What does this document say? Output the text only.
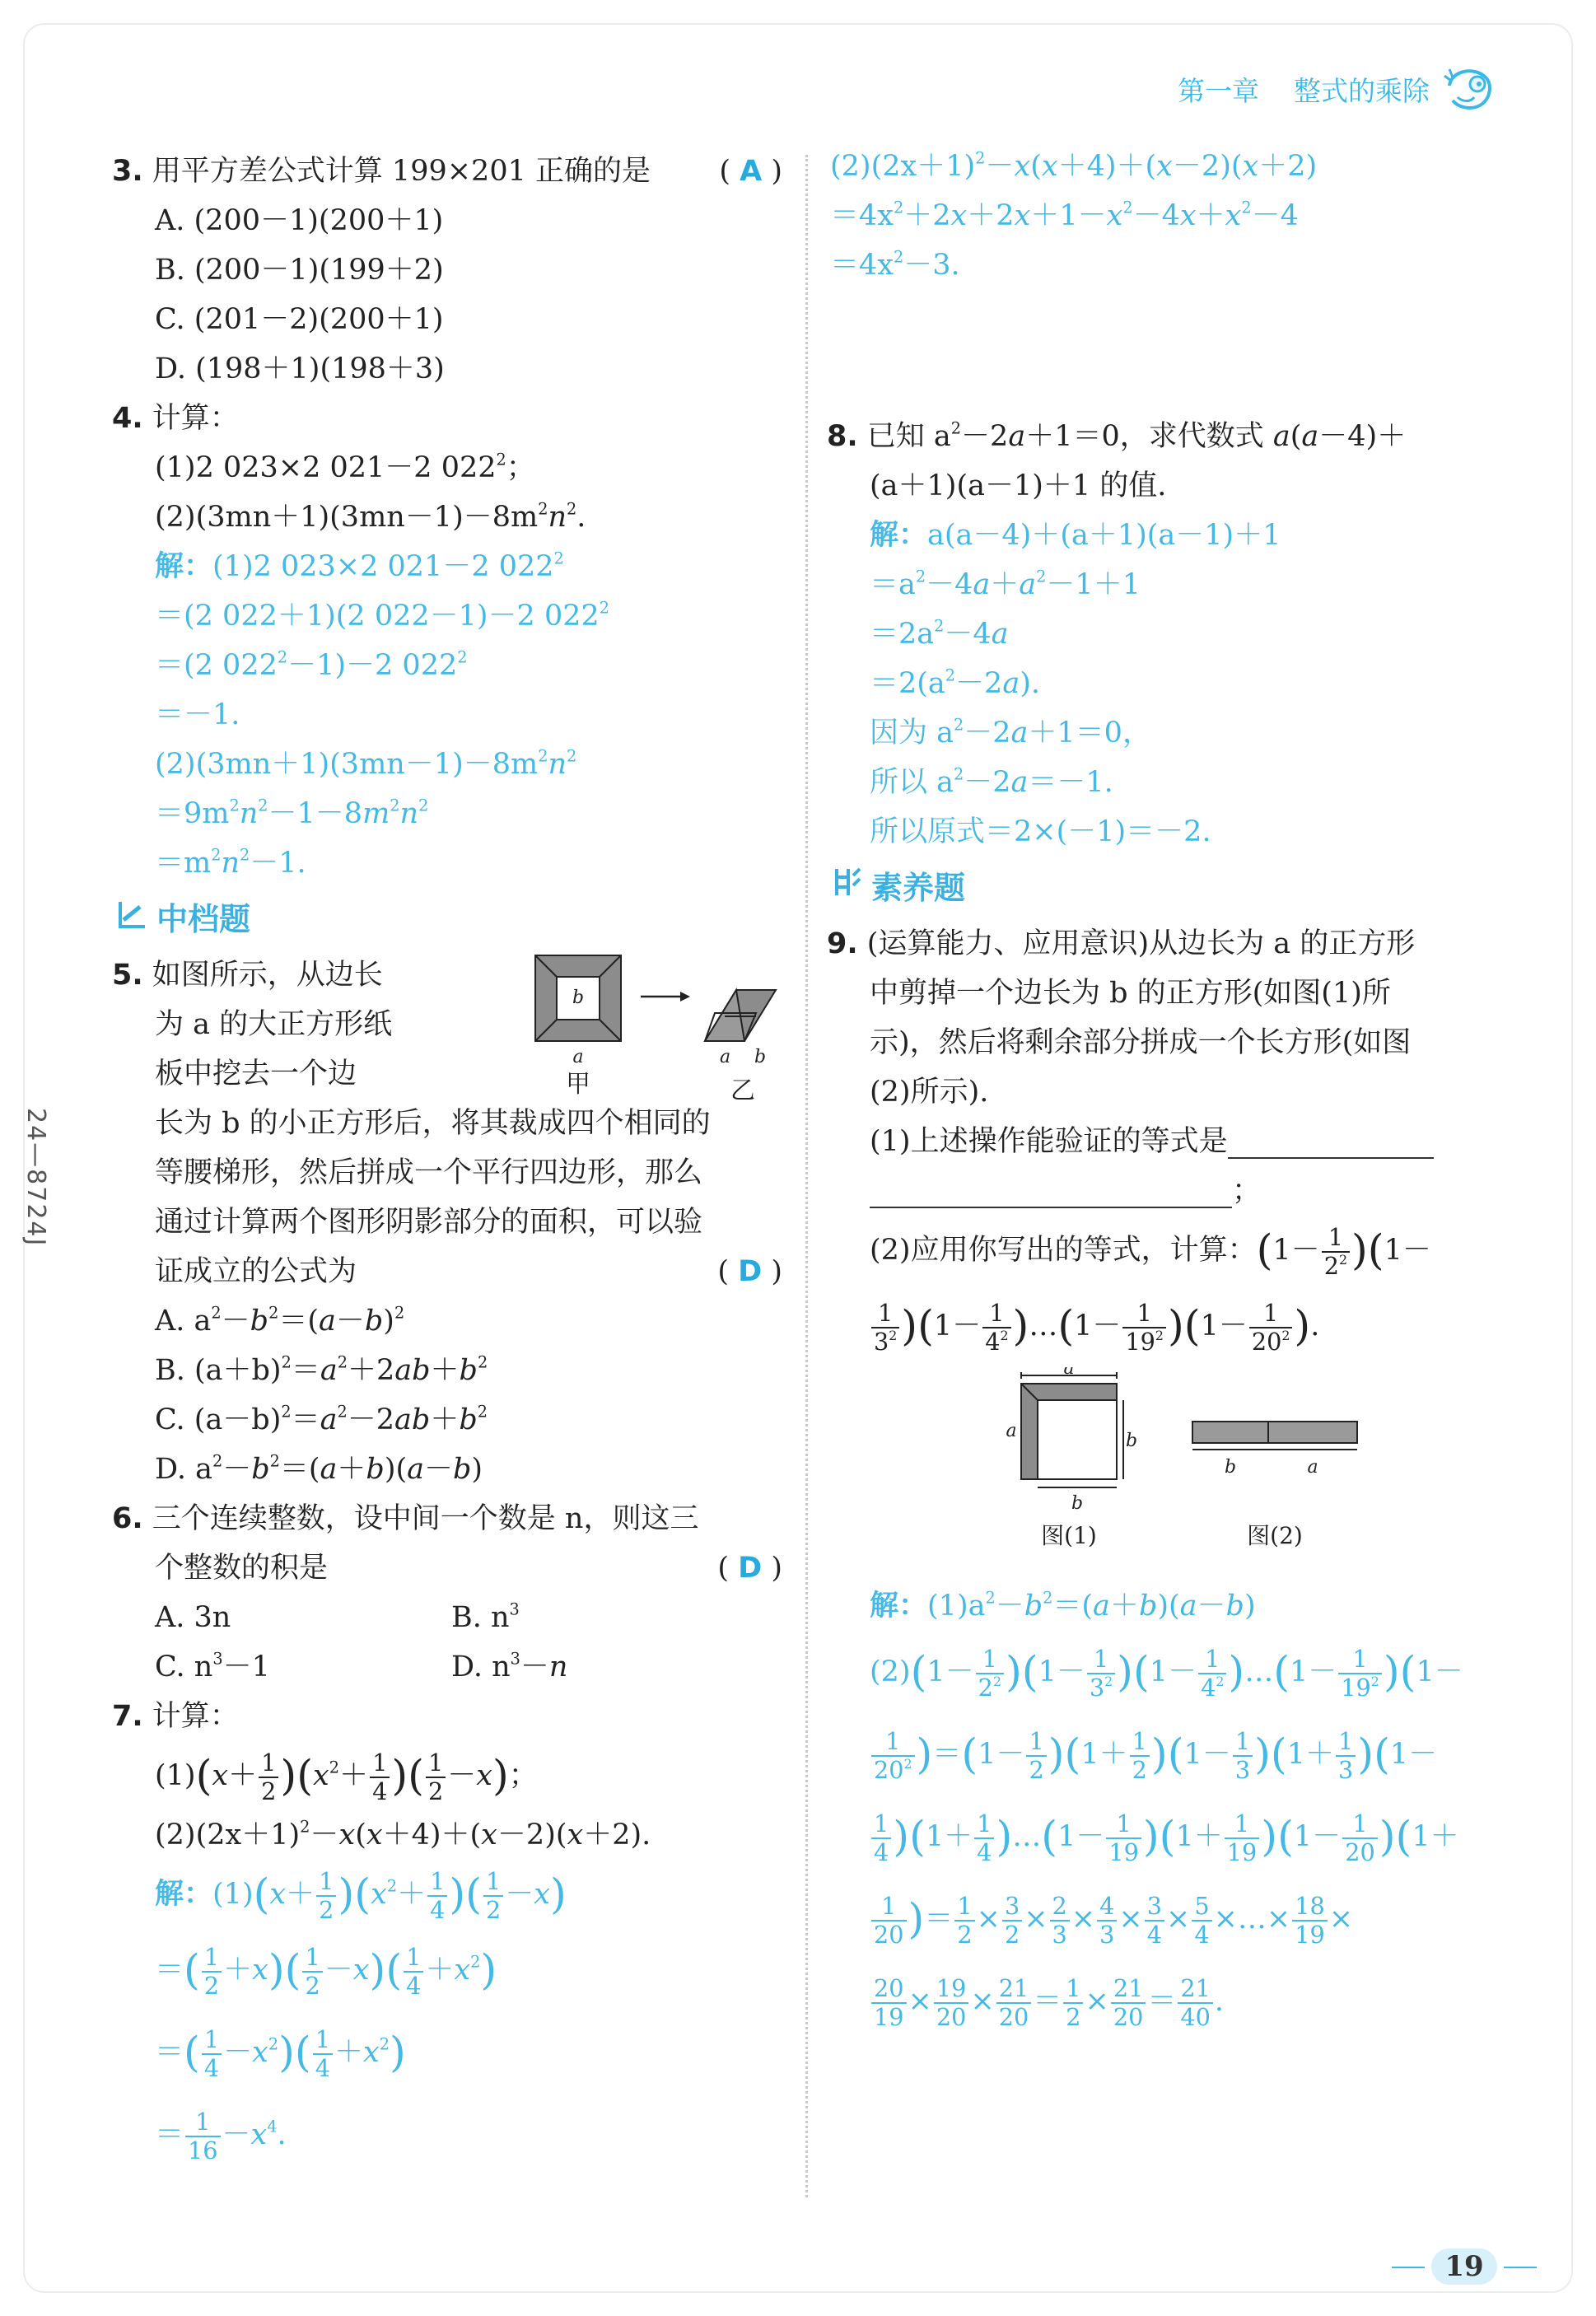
第一章 整式的乘除
24—8724J
3. 用平方差公式计算 199×201 正确的是 ( A )
A. (200－1)(200＋1)
B. (200－1)(199＋2)
C. (201－2)(200＋1)
D. (198＋1)(198＋3)
4. 计算：
(1)2 023×2 021－2 $022^2$；
$(2)(3mn+1)(3mn-1)-8m^2n^2$.
解：(1)2 023×2 021－2 $022^2$
＝(2 022＋1)(2 022－1)－2 $022^2$
＝(2 $022^2-1)-2$ $022^2$
＝－1.
$(2)(3mn+1)(3mn-1)-8m^2n^2$
$=9m^2n^2-1-8m^2n^2$
$=m^2n^2-1$.
中档题
5. 如图所示，从边长
为 a 的大正方形纸
板中挖去一个边
b
a
甲
a b
乙
长为 b 的小正方形后，将其裁成四个相同的
等腰梯形，然后拼成一个平行四边形，那么
通过计算两个图形阴影部分的面积，可以验
证成立的公式为	( D )
A. $a^2-b^2=(a-b)^2$
B. $(a+b)^2=a^2+2ab+b^2$
C. $(a-b)^2=a^2-2ab+b^2$
D. $a^2-b^2=(a+b)(a-b)$
6. 三个连续整数，设中间一个数是 n，则这三
个整数的积是	( D )
A. 3n	B. $n^3$
C. $n^3-1$	D. $n^3-n$
7. 计算：
$(1)(x+ \frac{1}{2} )(x^2+ \frac{1}{4}$ )( $\frac{1}{2} -x$)；
$(2)(2x+1)^2-x(x+4)+(x-2)(x+2)$.
解：$(1)(x+ \frac{1}{2} )(x^2+ \frac{1}{4}$ )( $\frac{1}{2} -x$)
＝( $\frac{1}{2} +x)( \frac{1}{2} -x)( \frac{1}{4} +x^2)$
＝( $\frac{1}{4} -x^2)( \frac{1}{4} +x^2)$
＝ $\frac{1}{16} -x^4$.
$(2)(2x+1)^2-x(x+4)+(x-2)(x+2)$
$=4x^2+2x+2x+1-x^2-4x+x^2-4$
$=4x^2-3$.
8. 已知 $a^2-2a+1=0$，求代数式 a(a－4)＋
(a＋1)(a－1)＋1 的值.
解：a(a－4)＋(a＋1)(a－1)＋1
$=a^2-4a+a^2-1+1$
$=2a^2-4a$
$=2(a^2-2a)$.
因为 $a^2-2a+1=0$，
所以 $a^2-2a=-1$.
所以原式＝2×(－1)＝－2.
素养题
9. (运算能力、应用意识)从边长为 a 的正方形
中剪掉一个边长为 b 的正方形(如图(1)所
示)，然后将剩余部分拼成一个长方形(如图
(2)所示).
(1)上述操作能验证的等式是
；
(2)应用你写出的等式，计算：$(1- \frac{1}{2^2} )(1-$
$\frac{1}{3^2} )(1- \frac{1}{4^2}$ )…(1－ $\frac{1}{19^2} )(1- \frac{1}{20^2}$ ).
a
a	b
b
图(1)
b	a
图(2)
解：$(1)a^2-b^2=(a+b)(a-b)$
$(2)(1- \frac{1}{2^2} )(1- \frac{1}{3^2} )(1- \frac{1}{4^2}$ )…(1－ $\frac{1}{19^2} )(1-$
$\frac{1}{20^2} )=(1- \frac{1}{2} )(1+ \frac{1}{2} )(1- \frac{1}{3} )(1+ \frac{1}{3} )(1-$
$\frac{1}{4} )(1+ \frac{1}{4}$ )…(1－ $\frac{1}{19} )(1+ \frac{1}{19} )(1- \frac{1}{20} )(1+$
$\frac{1}{20}$ )＝ $\frac{1}{2} \times \frac{3}{2} \times \frac{2}{3} \times \frac{4}{3} \times \frac{3}{4} \times \frac{5}{4}$ ×…× $\frac{18}{19}$ ×
$\frac{20}{19} \times \frac{19}{20} \times \frac{21}{20} = \frac{1}{2} \times \frac{21}{20} = \frac{21}{40}$ .
19
